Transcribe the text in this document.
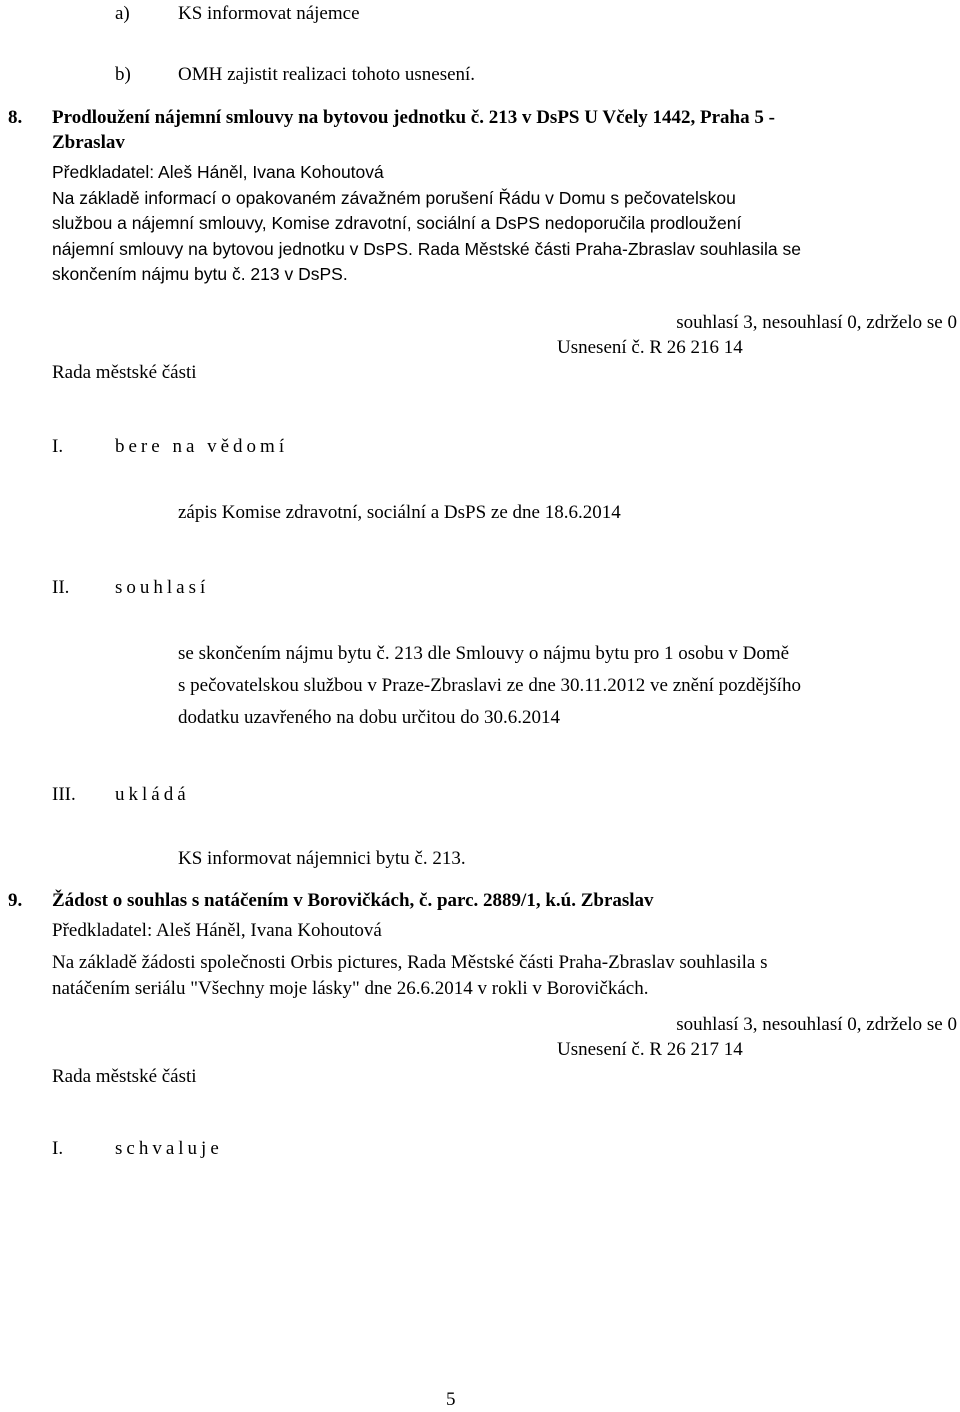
a)	KS informovat nájemce
b) OMH zajistit realizaci tohoto usnesení.
8. Prodloužení nájemní smlouvy na bytovou jednotku č. 213 v DsPS U Včely 1442, Praha 5 -
Zbraslav
Předkladatel: Aleš Háněl, Ivana Kohoutová
Na základě informací o opakovaném závažném porušení Řádu v Domu s pečovatelskou
službou a nájemní smlouvy, Komise zdravotní, sociální a DsPS nedoporučila prodloužení
nájemní smlouvy na bytovou jednotku v DsPS. Rada Městské části Praha-Zbraslav souhlasila se
skončením nájmu bytu č. 213 v DsPS.
souhlasí 3, nesouhlasí 0, zdrželo se 0
Usnesení č. R 26 216 14
Rada městské části
I.	bere na vědomí
zápis Komise zdravotní, sociální a DsPS ze dne 18.6.2014
II. souhlasí
se skončením nájmu bytu č. 213 dle Smlouvy o nájmu bytu pro 1 osobu v Domě
s pečovatelskou službou v Praze-Zbraslavi ze dne 30.11.2012 ve znění pozdějšího
dodatku uzavřeného na dobu určitou do 30.6.2014
III. ukládá
KS informovat nájemnici bytu č. 213.
9. Žádost o souhlas s natáčením v Borovičkách, č. parc. 2889/1, k.ú. Zbraslav
Předkladatel: Aleš Háněl, Ivana Kohoutová
Na základě žádosti společnosti Orbis pictures, Rada Městské části Praha-Zbraslav souhlasila s
natáčením seriálu "Všechny moje lásky" dne 26.6.2014 v rokli v Borovičkách.
souhlasí 3, nesouhlasí 0, zdrželo se 0
Usnesení č. R 26 217 14
Rada městské části
I.	schvaluje
5
